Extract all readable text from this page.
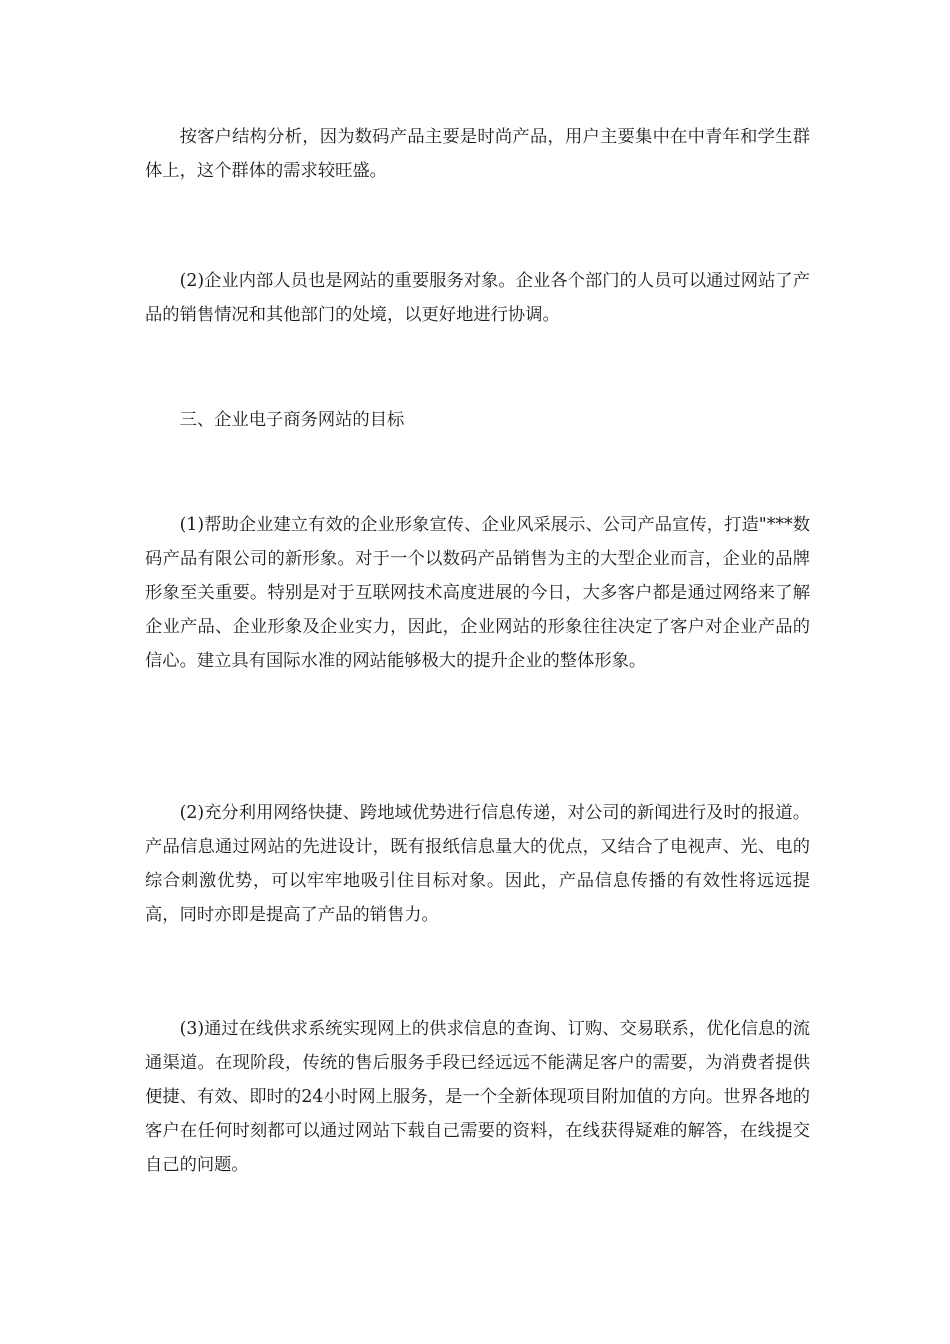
按客户结构分析，因为数码产品主要是时尚产品，用户主要集中在中青年和学生群体上，这个群体的需求较旺盛。

(2)企业内部人员也是网站的重要服务对象。企业各个部门的人员可以通过网站了产品的销售情况和其他部门的处境，以更好地进行协调。

三、企业电子商务网站的目标

(1)帮助企业建立有效的企业形象宣传、企业风采展示、公司产品宣传，打造"***数码产品有限公司的新形象。对于一个以数码产品销售为主的大型企业而言，企业的品牌形象至关重要。特别是对于互联网技术高度进展的今日，大多客户都是通过网络来了解企业产品、企业形象及企业实力，因此，企业网站的形象往往决定了客户对企业产品的信心。建立具有国际水准的网站能够极大的提升企业的整体形象。

(2)充分利用网络快捷、跨地域优势进行信息传递，对公司的新闻进行及时的报道。产品信息通过网站的先进设计，既有报纸信息量大的优点，又结合了电视声、光、电的综合刺激优势，可以牢牢地吸引住目标对象。因此，产品信息传播的有效性将远远提高，同时亦即是提高了产品的销售力。

(3)通过在线供求系统实现网上的供求信息的查询、订购、交易联系，优化信息的流通渠道。在现阶段，传统的售后服务手段已经远远不能满足客户的需要，为消费者提供便捷、有效、即时的24小时网上服务，是一个全新体现项目附加值的方向。世界各地的客户在任何时刻都可以通过网站下载自己需要的资料，在线获得疑难的解答，在线提交自己的问题。
